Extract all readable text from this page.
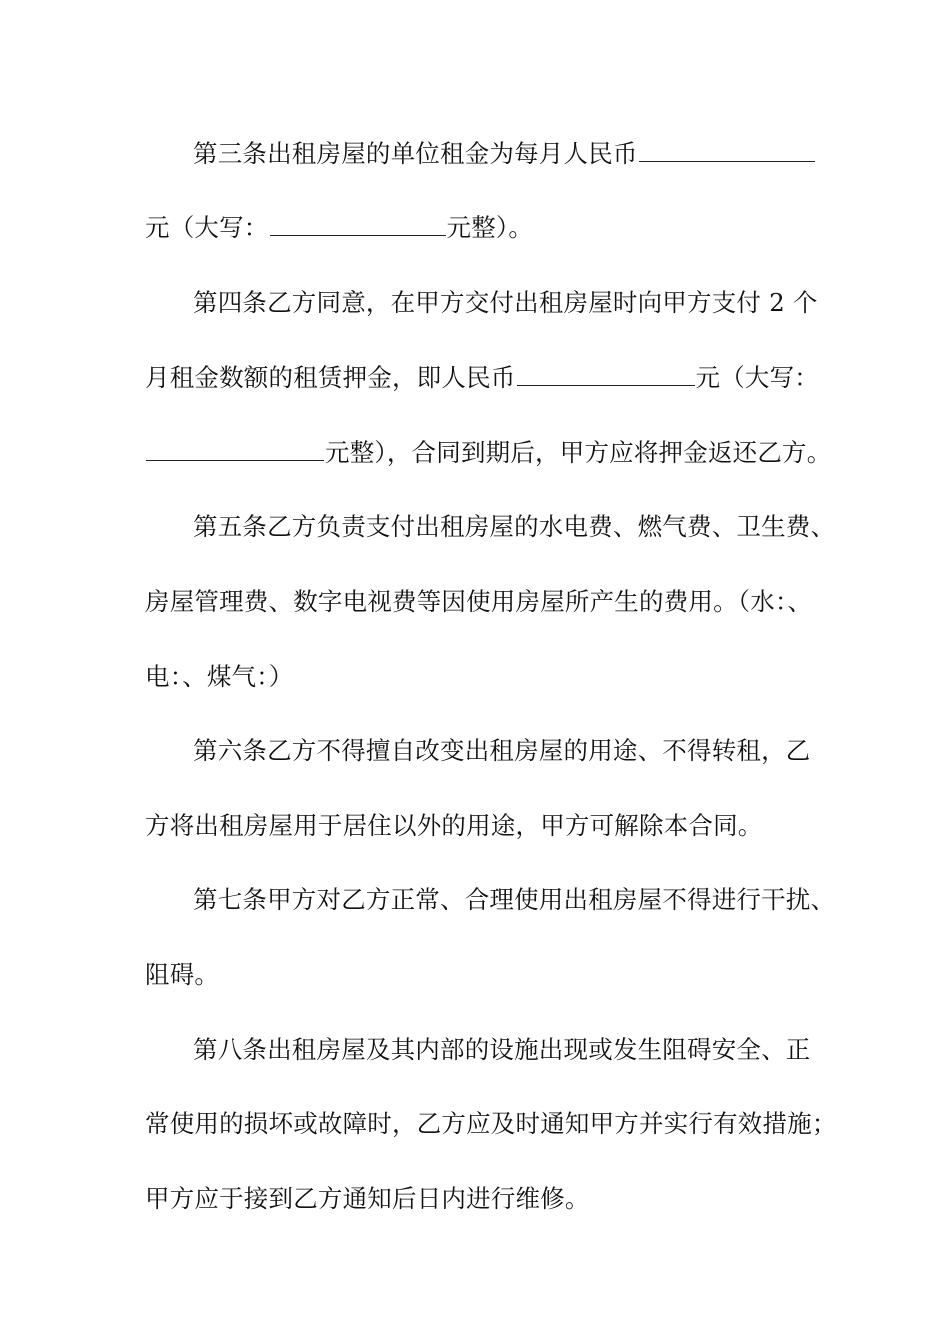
第三条出租房屋的单位租金为每月人民币
元（大写：	元整）。
第四条乙方同意，在甲方交付出租房屋时向甲方支付 2 个
月租金数额的租赁押金，即人民币	元（大写：
元整），合同到期后，甲方应将押金返还乙方。
第五条乙方负责支付出租房屋的水电费、燃气费、卫生费、
房屋管理费、数字电视费等因使用房屋所产生的费用。（水：、
电：、煤气：）
第六条乙方不得擅自改变出租房屋的用途、不得转租，乙
方将出租房屋用于居住以外的用途，甲方可解除本合同。
第七条甲方对乙方正常、合理使用出租房屋不得进行干扰、
阻碍。
第八条出租房屋及其内部的设施出现或发生阻碍安全、正
常使用的损坏或故障时，乙方应及时通知甲方并实行有效措施；
甲方应于接到乙方通知后日内进行维修。
